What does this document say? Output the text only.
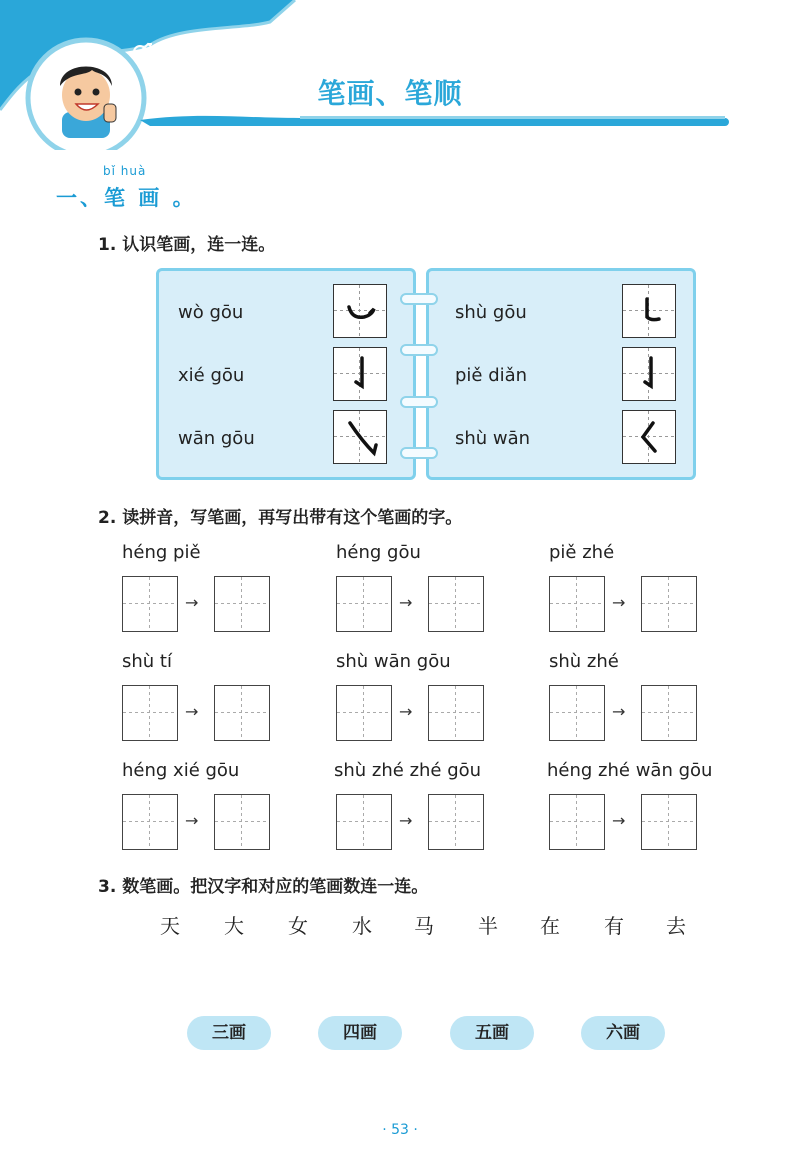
笔画、笔顺
bǐ huà
一、笔 画 。
1. 认识笔画，连一连。
wò gōu
xié gōu
wān gōu
shù gōu
piě diǎn
shù wān
2. 读拼音，写笔画，再写出带有这个笔画的字。
héng piě	héng gōu	piě zhé
shù tí	shù wān gōu	shù zhé
héng xié gōu	shù zhé zhé gōu	héng zhé wān gōu
→	→	→
→	→	→
→	→	→
3. 数笔画。把汉字和对应的笔画数连一连。
天 大 女 水 马 半 在 有 去
三画	四画	五画	六画
· 53 ·
